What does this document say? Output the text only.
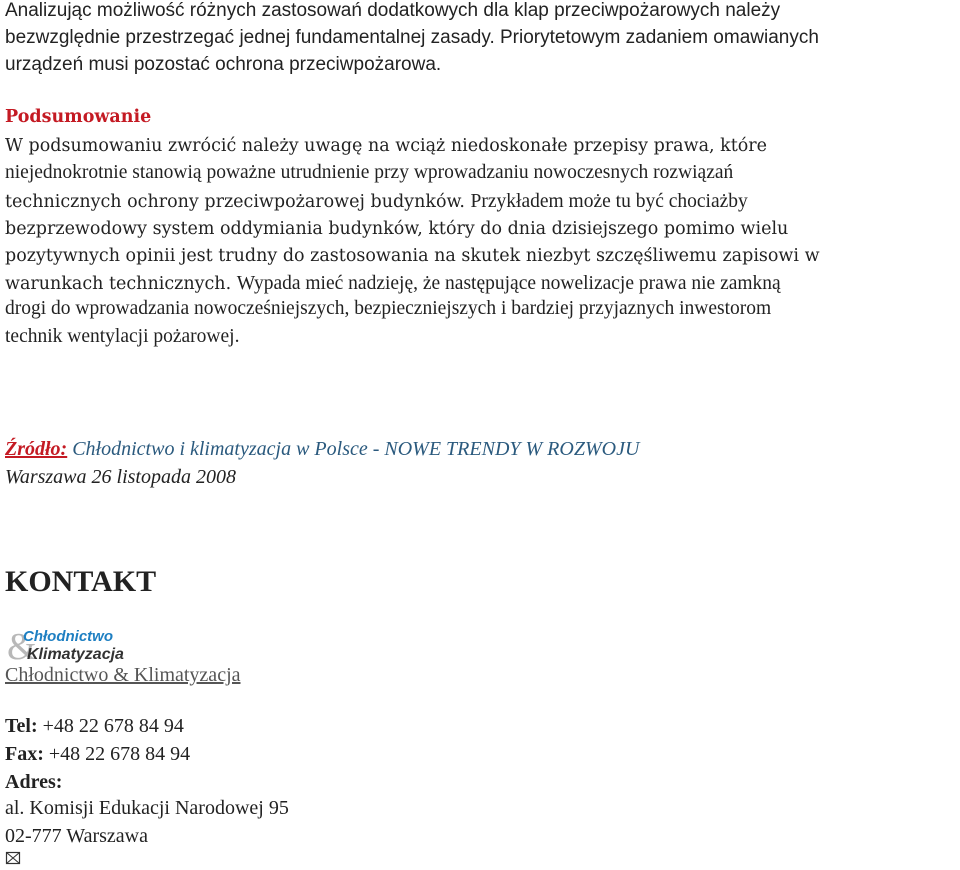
Analizując możliwość różnych zastosowań dodatkowych dla klap przeciwpożarowych należy
bezwzględnie przestrzegać jednej fundamentalnej zasady. Priorytetowym zadaniem omawianych
urządzeń musi pozostać ochrona przeciwpożarowa.

Podsumowanie

W podsumowaniu zwrócić należy uwagę na wciąż niedoskonałe przepisy prawa, które

niejednokrotnie stanowią poważne utrudnienie przy wprowadzaniu nowoczesnych rozwiązań

technicznych ochrony przeciwpożarowej budynków. Przykładem może tu być chociażby

bezprzewodowy system oddymiania budynków, który do dnia dzisiejszego pomimo wielu

pozytywnych opinii jest trudny do zastosowania na skutek niezbyt szczęśliwemu zapisowi w

warunkach technicznych. Wypada mieć nadzieję, że następujące nowelizacje prawa nie zamkną

drogi do wprowadzania nowocześniejszych, bezpieczniejszych i bardziej przyjaznych inwestorom

technik wentylacji pożarowej.

Źródło: Chłodnictwo i klimatyzacja w Polsce - NOWE TRENDY W ROZWOJU
Warszawa 26 listopada 2008
KONTAKT
&
Chłodnictwo
Klimatyzacja
Chłodnictwo & Klimatyzacja

Tel: +48 22 678 84 94

Fax: +48 22 678 84 94

Adres:

al. Komisji Edukacji Narodowej 95

02-777 Warszawa
